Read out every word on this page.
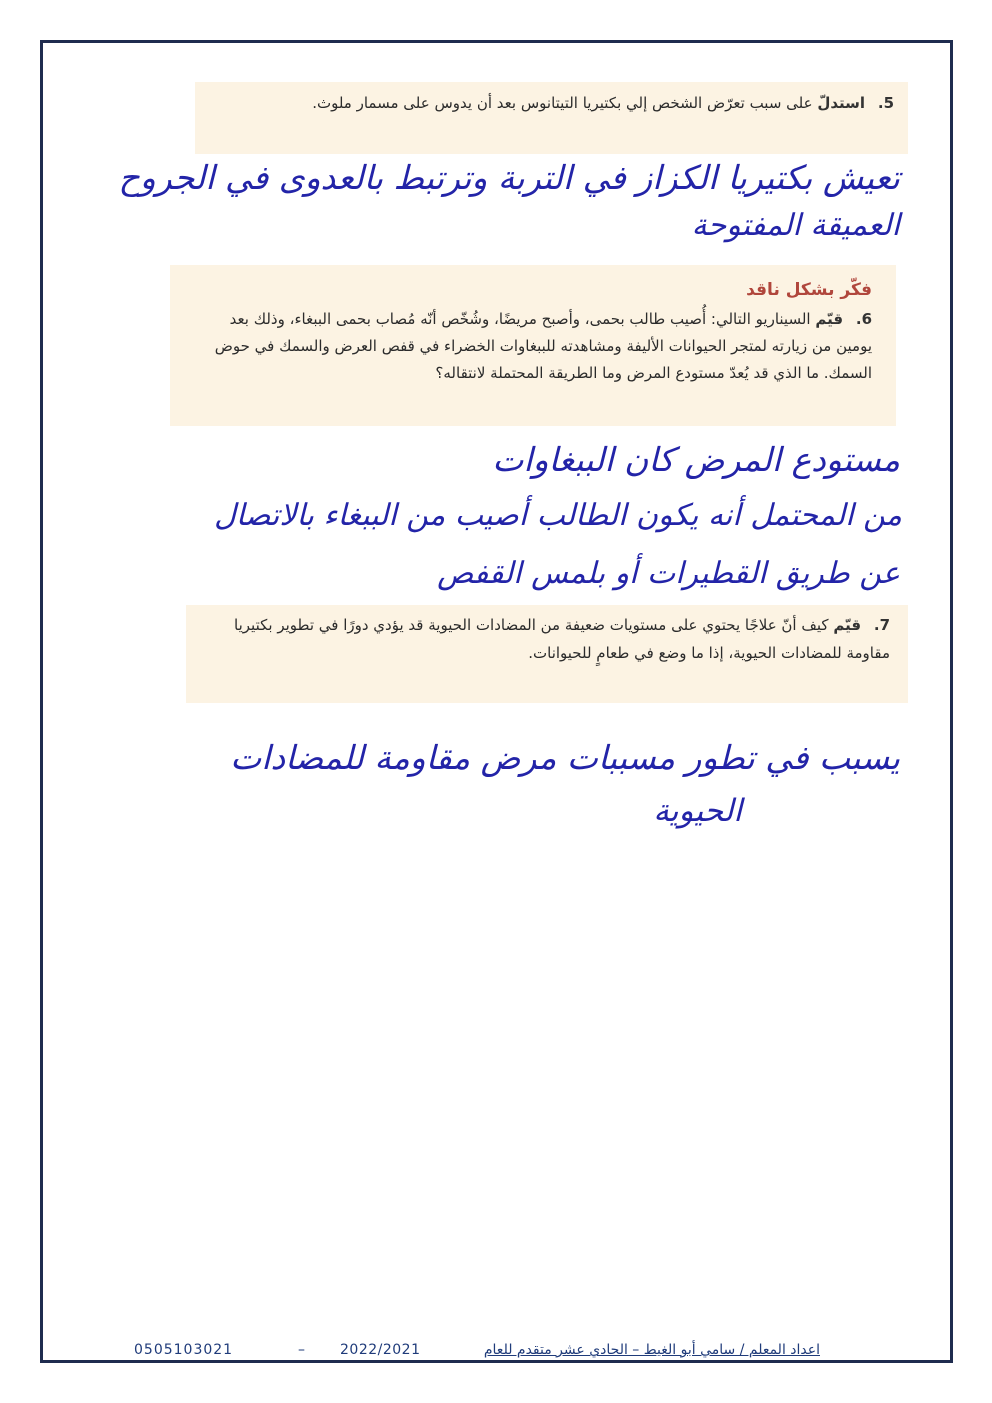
5. استدلّ على سبب تعرّض الشخص إلي بكتيريا التيتانوس بعد أن يدوس على مسمار ملوث.
تعيش بكتيريا الكزاز في التربة وترتبط بالعدوى في الجروح
العميقة المفتوحة
فكّر بشكل ناقد
6. قيّم السيناريو التالي: أُصيب طالب بحمى، وأصبح مريضًا، وشُخّص أنّه مُصاب بحمى الببغاء، وذلك بعد يومين من زيارته لمتجر الحيوانات الأليفة ومشاهدته للببغاوات الخضراء في قفص العرض والسمك في حوض السمك. ما الذي قد يُعدّ مستودع المرض وما الطريقة المحتملة لانتقاله؟
مستودع المرض كان الببغاوات
من المحتمل أنه يكون الطالب أصيب من الببغاء بالاتصال
عن طريق القطيرات أو بلمس القفص
7. قيّم كيف أنّ علاجًا يحتوي على مستويات ضعيفة من المضادات الحيوية قد يؤدي دورًا في تطوير بكتيريا مقاومة للمضادات الحيوية، إذا ما وضع في طعامٍ للحيوانات.
يسبب في تطور مسببات مرض مقاومة للمضادات
الحيوية
0505103021	–	2022/2021	اعداد المعلم / سامي أبو الغيط – الحادي عشر متقدم للعام
